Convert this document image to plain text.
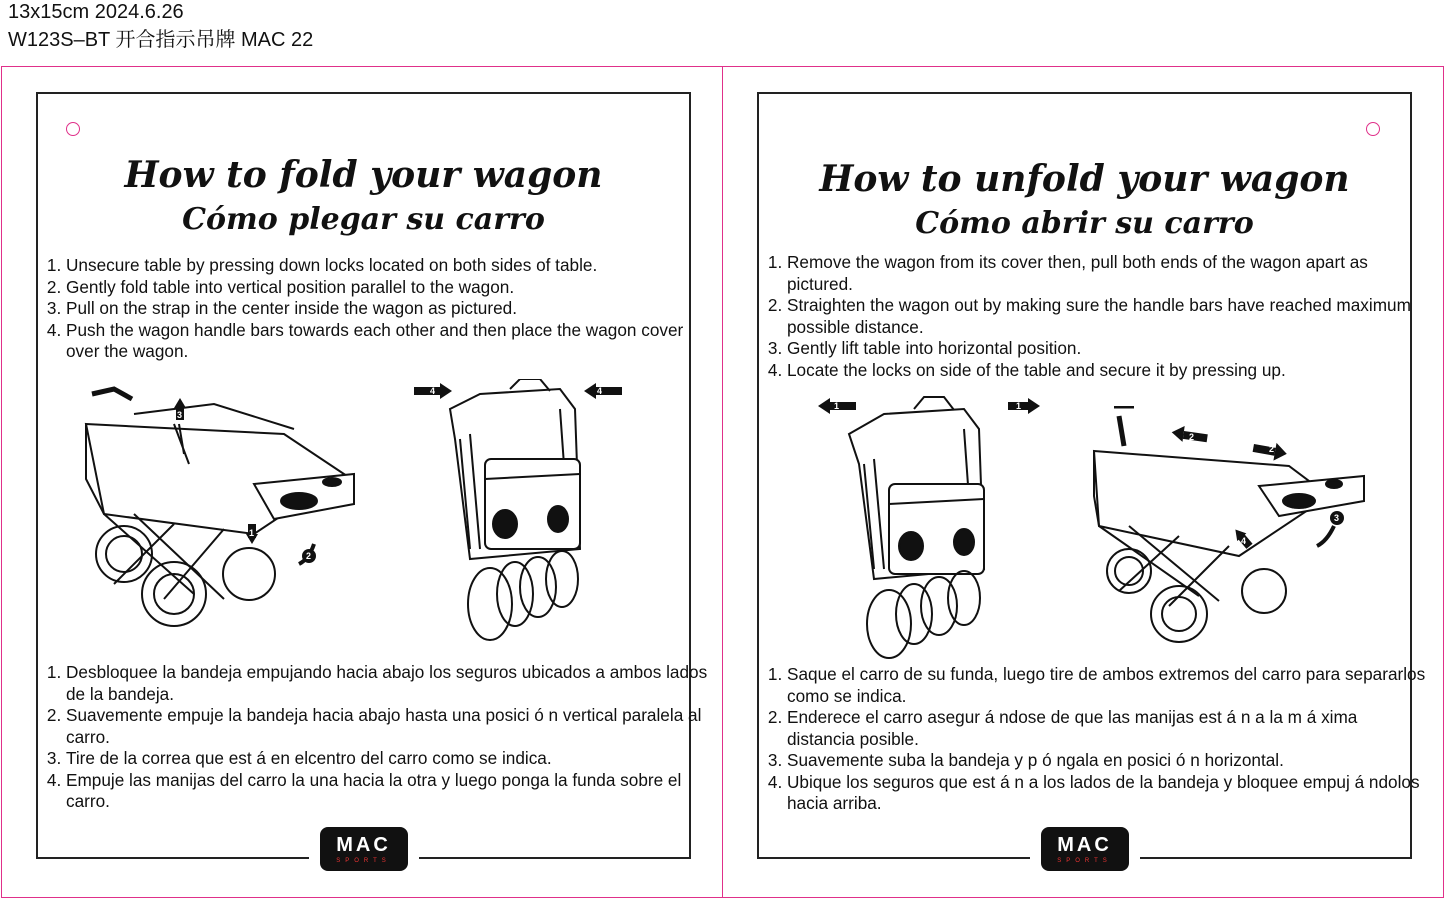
13x15cm 2024.6.26
W123S–BT 开合指示吊牌 MAC 22
How to fold your wagon
Cómo plegar su carro
1. Unsecure table by pressing down locks located on both sides of table.
2. Gently fold table into vertical position parallel to the wagon.
3. Pull on the strap in the center inside the wagon as pictured.
4. Push the wagon handle bars towards each other and then place the wagon cover over the wagon.
3
1
2
4	4
1. Desbloquee la bandeja empujando hacia abajo los seguros ubicados a ambos lados de la bandeja.
2. Suavemente empuje la bandeja hacia abajo hasta una posici ó n vertical paralela al carro.
3. Tire de la correa que est á en elcentro del carro como se indica.
4. Empuje las manijas del carro la una hacia la otra y luego ponga la funda sobre el carro.
MAC
SPORTS
How to unfold your wagon
Cómo abrir su carro
1. Remove the wagon from its cover then, pull both ends of the wagon apart as pictured.
2. Straighten the wagon out by making sure the handle bars have reached maximum possible distance.
3. Gently lift table into horizontal position.
4. Locate the locks on side of the table and secure it by pressing up.
1	1
2
2
3
4
1. Saque el carro de su funda, luego tire de ambos extremos del carro para separarlos como se indica.
2. Enderece el carro asegur á ndose de que las manijas est á n a la m á xima distancia posible.
3. Suavemente suba la bandeja y p ó ngala en posici ó n horizontal.
4. Ubique los seguros que est á n a los lados de la bandeja y bloquee empuj á ndolos hacia arriba.
MAC
SPORTS
